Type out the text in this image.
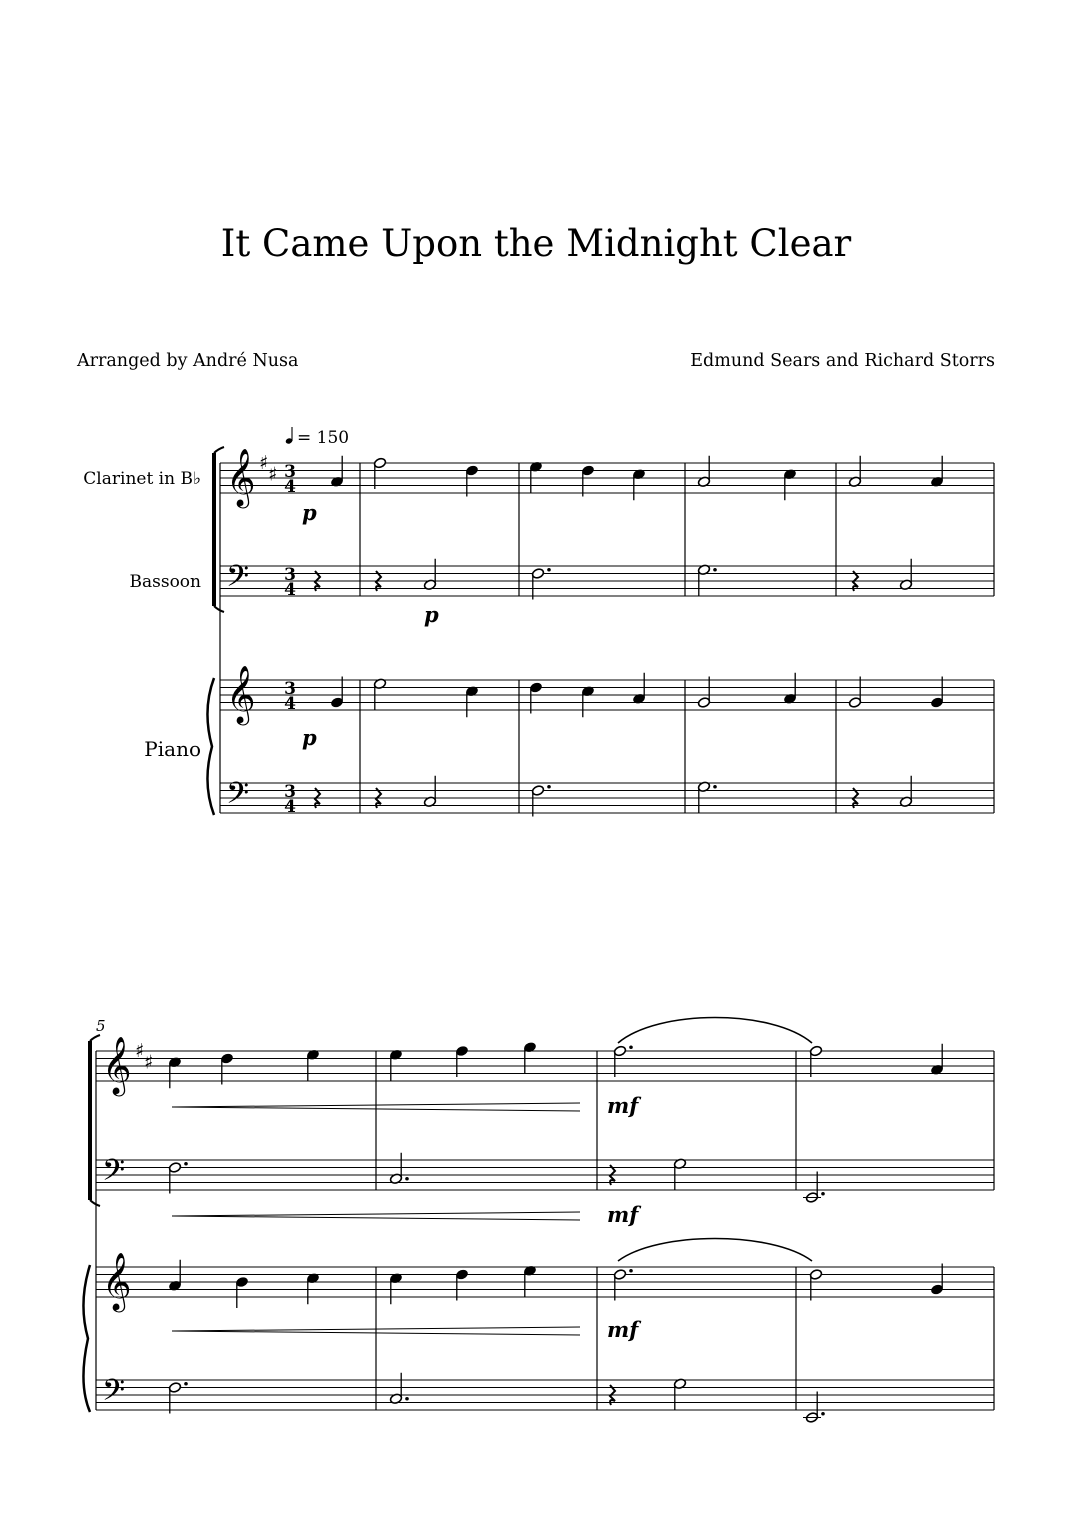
It Came Upon the Midnight Clear
Arranged by André Nusa	Edmund Sears and Richard Storrs
= 150
Clarinet in B♭
Bassoon
Piano
5
𝄞 ♯
♯ 3
4
𝄢 3
4
𝄞 3
4
𝄢 3
4
𝄞 ♯
♯
𝄢
𝄞
𝄢
p
p
p
mf
mf
mf
